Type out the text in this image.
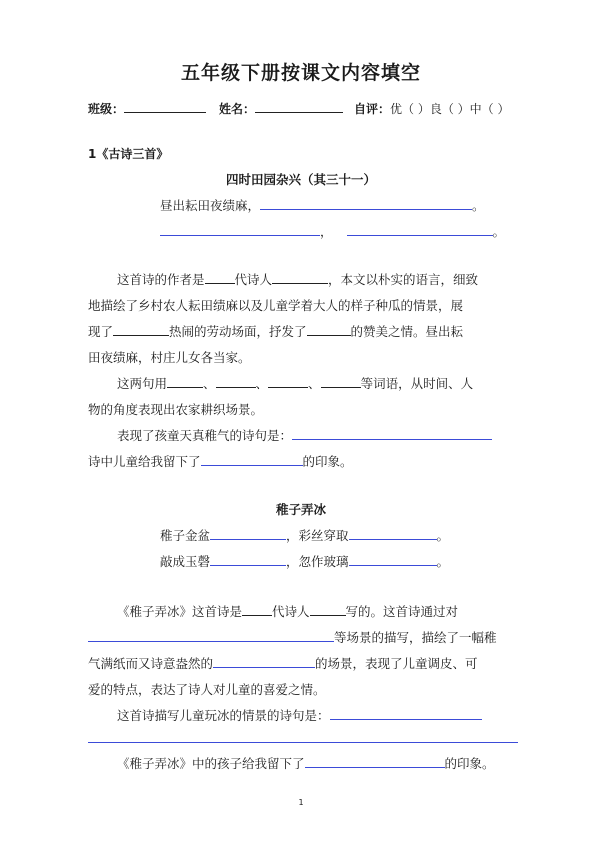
五年级下册按课文内容填空
班级：	姓名：	自评：优（ ）良（ ）中（ ）
1《古诗三首》
四时田园杂兴（其三十一）
昼出耘田夜绩麻，	。
，	。
这首诗的作者是 代诗人	，本文以朴实的语言，细致
地描绘了乡村农人耘田绩麻以及儿童学着大人的样子种瓜的情景，展
现了	热闹的劳动场面，抒发了	的赞美之情。昼出耘
田夜绩麻，村庄儿女各当家。
这两句用	、	、	、	等词语，从时间、人
物的角度表现出农家耕织场景。
表现了孩童天真稚气的诗句是：
诗中儿童给我留下了	的印象。
稚子弄冰
稚子金盆	，彩丝穿取	。
敲成玉磬	，忽作玻璃	。
《稚子弄冰》这首诗是 代诗人	写的。这首诗通过对
等场景的描写，描绘了一幅稚
气满纸而又诗意盎然的	的场景，表现了儿童调皮、可
爱的特点，表达了诗人对儿童的喜爱之情。
这首诗描写儿童玩冰的情景的诗句是：
《稚子弄冰》中的孩子给我留下了	的印象。
1
